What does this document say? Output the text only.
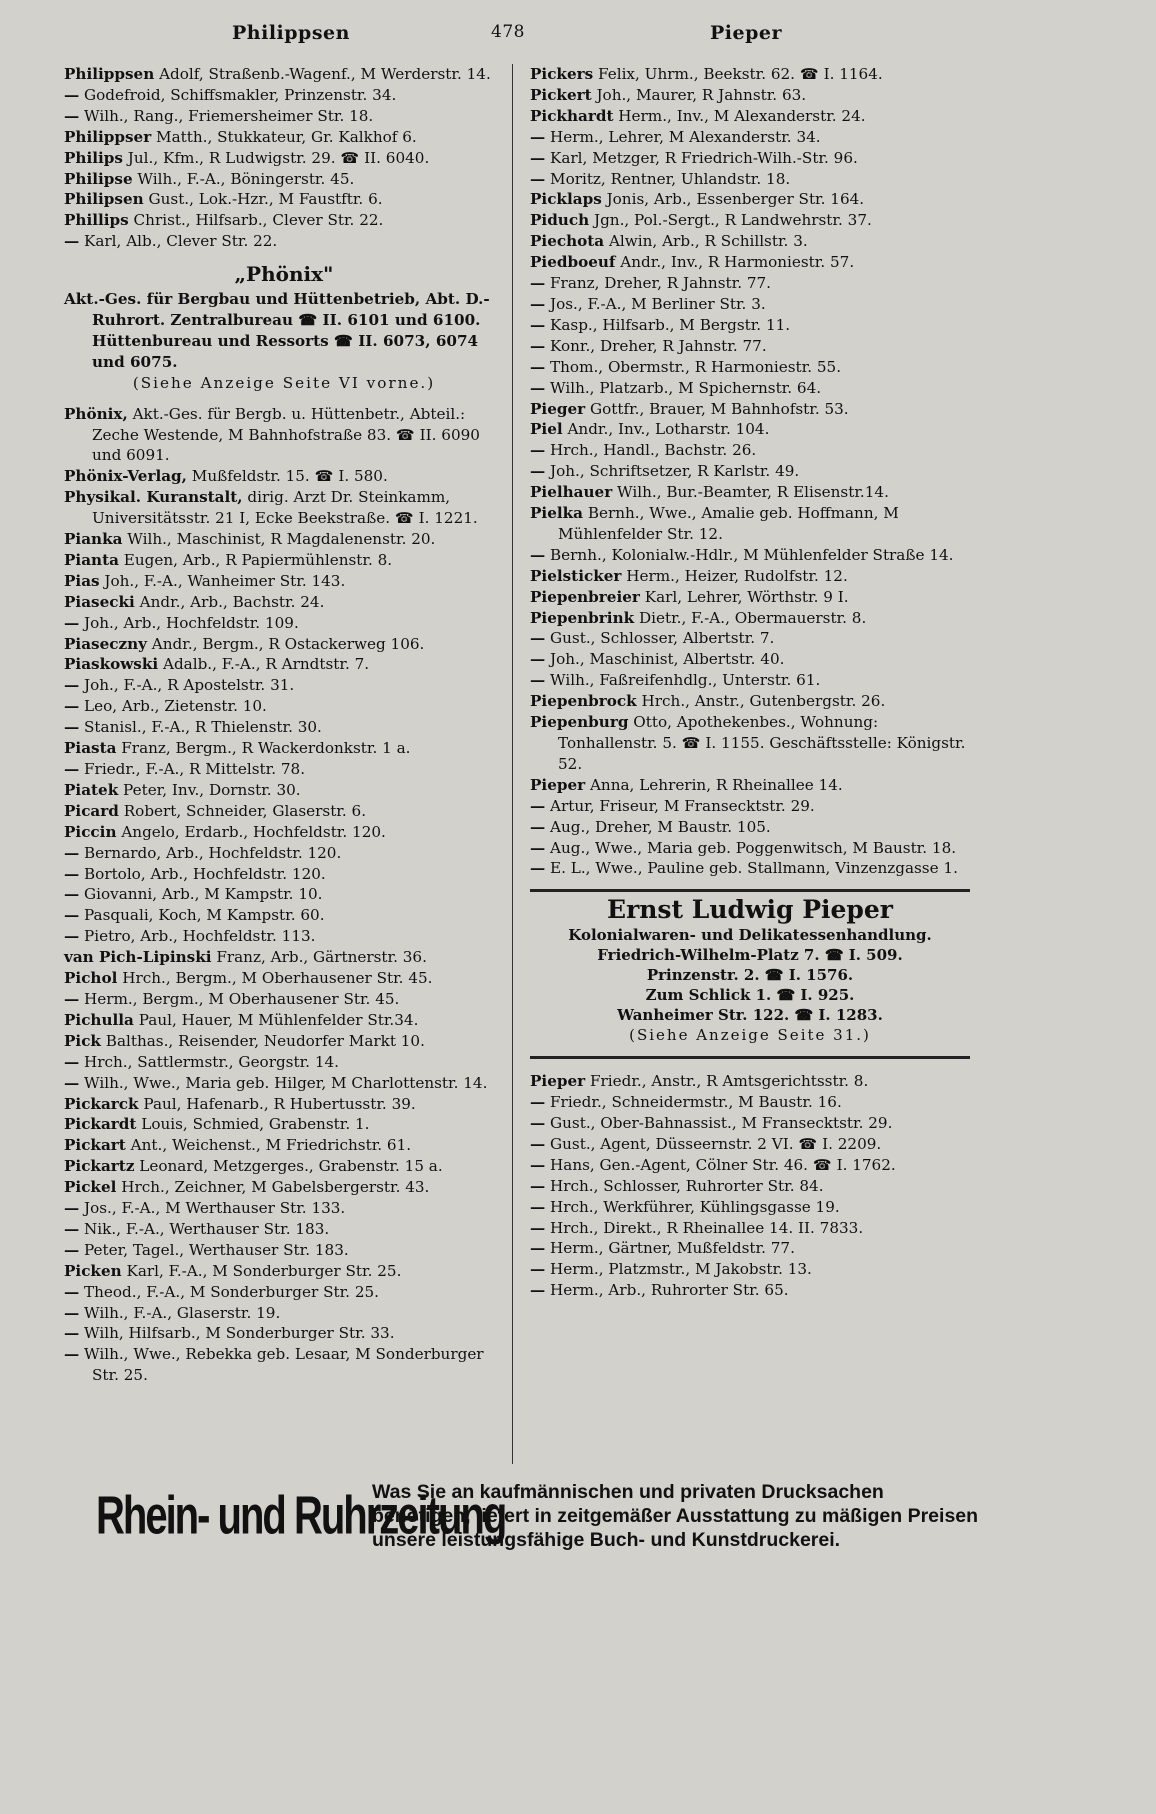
Philippsen	478	Pieper
Philippsen Adolf, Straßenb.-Wagenf., M Werderstr. 14.
— Godefroid, Schiffsmakler, Prinzenstr. 34.
— Wilh., Rang., Friemersheimer Str. 18.
Philippser Matth., Stukkateur, Gr. Kalkhof 6.
Philips Jul., Kfm., R Ludwigstr. 29. ☎ II. 6040.
Philipse Wilh., F.-A., Böningerstr. 45.
Philipsen Gust., Lok.-Hzr., M Faustftr. 6.
Phillips Christ., Hilfsarb., Clever Str. 22.
— Karl, Alb., Clever Str. 22.
„Phönix"
Akt.-Ges. für Bergbau und Hüttenbetrieb, Abt. D.-Ruhrort. Zentralbureau ☎ II. 6101 und 6100. Hüttenbureau und Ressorts ☎ II. 6073, 6074 und 6075.
(Siehe Anzeige Seite VI vorne.)
Phönix, Akt.-Ges. für Bergb. u. Hüttenbetr., Abteil.: Zeche Westende, M Bahnhofstraße 83. ☎ II. 6090 und 6091.
Phönix-Verlag, Mußfeldstr. 15. ☎ I. 580.
Physikal. Kuranstalt, dirig. Arzt Dr. Steinkamm, Universitätsstr. 21 I, Ecke Beekstraße. ☎ I. 1221.
Pianka Wilh., Maschinist, R Magdalenenstr. 20.
Pianta Eugen, Arb., R Papiermühlenstr. 8.
Pias Joh., F.-A., Wanheimer Str. 143.
Piasecki Andr., Arb., Bachstr. 24.
— Joh., Arb., Hochfeldstr. 109.
Piaseczny Andr., Bergm., R Ostackerweg 106.
Piaskowski Adalb., F.-A., R Arndtstr. 7.
— Joh., F.-A., R Apostelstr. 31.
— Leo, Arb., Zietenstr. 10.
— Stanisl., F.-A., R Thielenstr. 30.
Piasta Franz, Bergm., R Wackerdonkstr. 1 a.
— Friedr., F.-A., R Mittelstr. 78.
Piatek Peter, Inv., Dornstr. 30.
Picard Robert, Schneider, Glaserstr. 6.
Piccin Angelo, Erdarb., Hochfeldstr. 120.
— Bernardo, Arb., Hochfeldstr. 120.
— Bortolo, Arb., Hochfeldstr. 120.
— Giovanni, Arb., M Kampstr. 10.
— Pasquali, Koch, M Kampstr. 60.
— Pietro, Arb., Hochfeldstr. 113.
van Pich-Lipinski Franz, Arb., Gärtnerstr. 36.
Pichol Hrch., Bergm., M Oberhausener Str. 45.
— Herm., Bergm., M Oberhausener Str. 45.
Pichulla Paul, Hauer, M Mühlenfelder Str.34.
Pick Balthas., Reisender, Neudorfer Markt 10.
— Hrch., Sattlermstr., Georgstr. 14.
— Wilh., Wwe., Maria geb. Hilger, M Charlottenstr. 14.
Pickarck Paul, Hafenarb., R Hubertusstr. 39.
Pickardt Louis, Schmied, Grabenstr. 1.
Pickart Ant., Weichenst., M Friedrichstr. 61.
Pickartz Leonard, Metzgerges., Grabenstr. 15 a.
Pickel Hrch., Zeichner, M Gabelsbergerstr. 43.
— Jos., F.-A., M Werthauser Str. 133.
— Nik., F.-A., Werthauser Str. 183.
— Peter, Tagel., Werthauser Str. 183.
Picken Karl, F.-A., M Sonderburger Str. 25.
— Theod., F.-A., M Sonderburger Str. 25.
— Wilh., F.-A., Glaserstr. 19.
— Wilh, Hilfsarb., M Sonderburger Str. 33.
— Wilh., Wwe., Rebekka geb. Lesaar, M Sonderburger Str. 25.
Pickers Felix, Uhrm., Beekstr. 62. ☎ I. 1164.
Pickert Joh., Maurer, R Jahnstr. 63.
Pickhardt Herm., Inv., M Alexanderstr. 24.
— Herm., Lehrer, M Alexanderstr. 34.
— Karl, Metzger, R Friedrich-Wilh.-Str. 96.
— Moritz, Rentner, Uhlandstr. 18.
Picklaps Jonis, Arb., Essenberger Str. 164.
Piduch Jgn., Pol.-Sergt., R Landwehrstr. 37.
Piechota Alwin, Arb., R Schillstr. 3.
Piedboeuf Andr., Inv., R Harmoniestr. 57.
— Franz, Dreher, R Jahnstr. 77.
— Jos., F.-A., M Berliner Str. 3.
— Kasp., Hilfsarb., M Bergstr. 11.
— Konr., Dreher, R Jahnstr. 77.
— Thom., Obermstr., R Harmoniestr. 55.
— Wilh., Platzarb., M Spichernstr. 64.
Pieger Gottfr., Brauer, M Bahnhofstr. 53.
Piel Andr., Inv., Lotharstr. 104.
— Hrch., Handl., Bachstr. 26.
— Joh., Schriftsetzer, R Karlstr. 49.
Pielhauer Wilh., Bur.-Beamter, R Elisenstr.14.
Pielka Bernh., Wwe., Amalie geb. Hoffmann, M Mühlenfelder Str. 12.
— Bernh., Kolonialw.-Hdlr., M Mühlenfelder Straße 14.
Pielsticker Herm., Heizer, Rudolfstr. 12.
Piepenbreier Karl, Lehrer, Wörthstr. 9 I.
Piepenbrink Dietr., F.-A., Obermauerstr. 8.
— Gust., Schlosser, Albertstr. 7.
— Joh., Maschinist, Albertstr. 40.
— Wilh., Faßreifenhdlg., Unterstr. 61.
Piepenbrock Hrch., Anstr., Gutenbergstr. 26.
Piepenburg Otto, Apothekenbes., Wohnung: Tonhallenstr. 5. ☎ I. 1155. Geschäftsstelle: Königstr. 52.
Pieper Anna, Lehrerin, R Rheinallee 14.
— Artur, Friseur, M Fransecktstr. 29.
— Aug., Dreher, M Baustr. 105.
— Aug., Wwe., Maria geb. Poggenwitsch, M Baustr. 18.
— E. L., Wwe., Pauline geb. Stallmann, Vinzenzgasse 1.
Ernst Ludwig Pieper
Kolonialwaren- und Delikatessenhandlung.
Friedrich-Wilhelm-Platz 7. ☎ I. 509.
Prinzenstr. 2. ☎ I. 1576.
Zum Schlick 1. ☎ I. 925.
Wanheimer Str. 122. ☎ I. 1283.
(Siehe Anzeige Seite 31.)
Pieper Friedr., Anstr., R Amtsgerichtsstr. 8.
— Friedr., Schneidermstr., M Baustr. 16.
— Gust., Ober-Bahnassist., M Fransecktstr. 29.
— Gust., Agent, Düsseernstr. 2 VI. ☎ I. 2209.
— Hans, Gen.-Agent, Cölner Str. 46. ☎ I. 1762.
— Hrch., Schlosser, Ruhrorter Str. 84.
— Hrch., Werkführer, Kühlingsgasse 19.
— Hrch., Direkt., R Rheinallee 14. II. 7833.
— Herm., Gärtner, Mußfeldstr. 77.
— Herm., Platzmstr., M Jakobstr. 13.
— Herm., Arb., Ruhrorter Str. 65.
Rhein- und Ruhrzeitung
Was Sie an kaufmännischen und privaten Drucksachen benötigen, liefert in zeitgemäßer Ausstattung zu mäßigen Preisen unsere leistungsfähige Buch- und Kunstdruckerei.
